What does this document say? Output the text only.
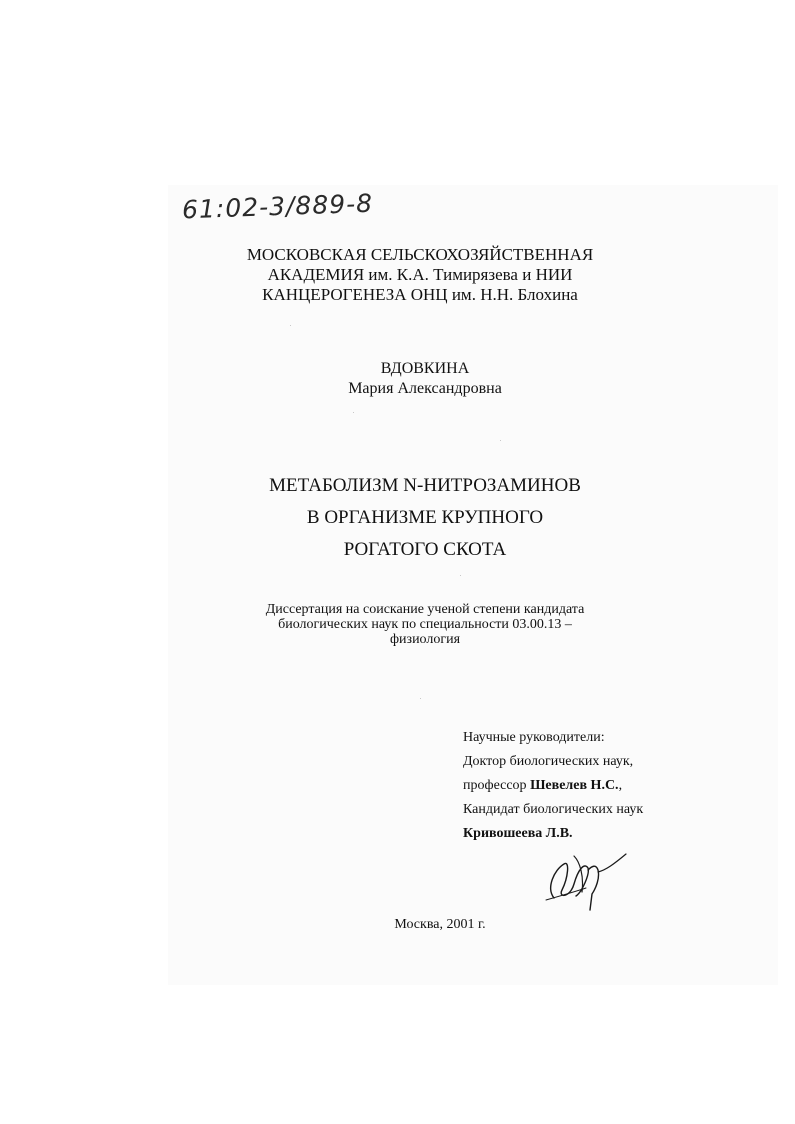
61:02-3/889-8
МОСКОВСКАЯ СЕЛЬСКОХОЗЯЙСТВЕННАЯ
АКАДЕМИЯ им. К.А. Тимирязева и НИИ
КАНЦЕРОГЕНЕЗА ОНЦ им. Н.Н. Блохина
ВДОВКИНА
Мария Александровна
МЕТАБОЛИЗМ N-НИТРОЗАМИНОВ
В ОРГАНИЗМЕ КРУПНОГО
РОГАТОГО СКОТА
Диссертация на соискание ученой степени кандидата
биологических наук по специальности 03.00.13 –
физиология
Научные руководители:
Доктор биологических наук,
профессор Шевелев Н.С.,
Кандидат биологических наук
Кривошеева Л.В.
Москва, 2001 г.
